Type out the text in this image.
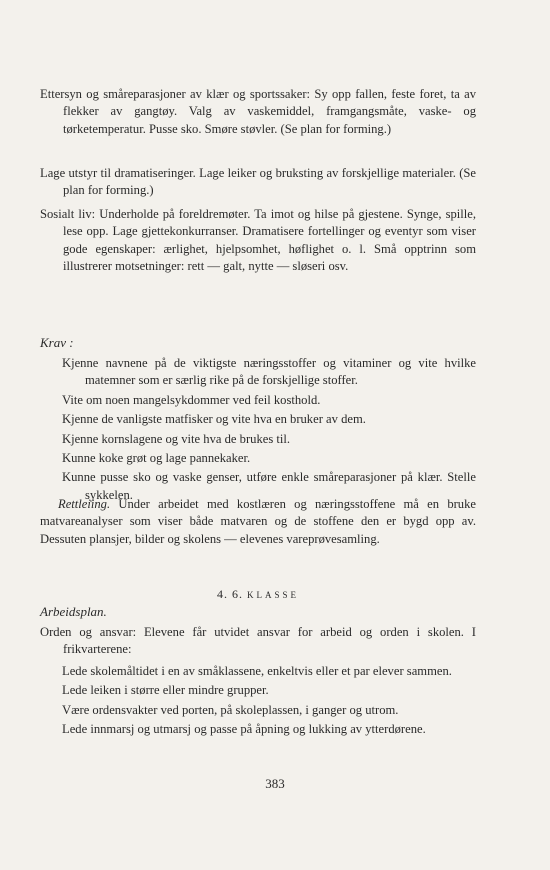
Ettersyn og småreparasjoner av klær og sportssaker: Sy opp fallen, feste foret, ta av flekker av gangtøy. Valg av vaskemiddel, framgangsmåte, vaske- og tørketemperatur. Pusse sko. Smøre støvler. (Se plan for forming.)

Lage utstyr til dramatiseringer. Lage leiker og bruksting av forskjellige materialer. (Se plan for forming.)

Sosialt liv: Underholde på foreldremøter. Ta imot og hilse på gjestene. Synge, spille, lese opp. Lage gjettekonkurranser. Dramatisere fortellinger og eventyr som viser gode egenskaper: ærlighet, hjelpsomhet, høflighet o. l. Små opptrinn som illustrerer motsetninger: rett — galt, nytte — sløseri osv.

Krav :

Kjenne navnene på de viktigste næringsstoffer og vitaminer og vite hvilke matemner som er særlig rike på de forskjellige stoffer.

Vite om noen mangelsykdommer ved feil kosthold.

Kjenne de vanligste matfisker og vite hva en bruker av dem.

Kjenne kornslagene og vite hva de brukes til.

Kunne koke grøt og lage pannekaker.

Kunne pusse sko og vaske genser, utføre enkle småreparasjoner på klær. Stelle sykkelen.

Rettleiing. Under arbeidet med kostlæren og næringsstoffene må en bruke matvareanalyser som viser både matvaren og de stoffene den er bygd opp av. Dessuten plansjer, bilder og skolens — elevenes vareprøvesamling.

4. 6. KLASSE

Arbeidsplan.

Orden og ansvar: Elevene får utvidet ansvar for arbeid og orden i skolen. I frikvarterene:

Lede skolemåltidet i en av småklassene, enkeltvis eller et par elever sammen.

Lede leiken i større eller mindre grupper.

Være ordensvakter ved porten, på skoleplassen, i ganger og utrom.

Lede innmarsj og utmarsj og passe på åpning og lukking av ytterdørene.

383
